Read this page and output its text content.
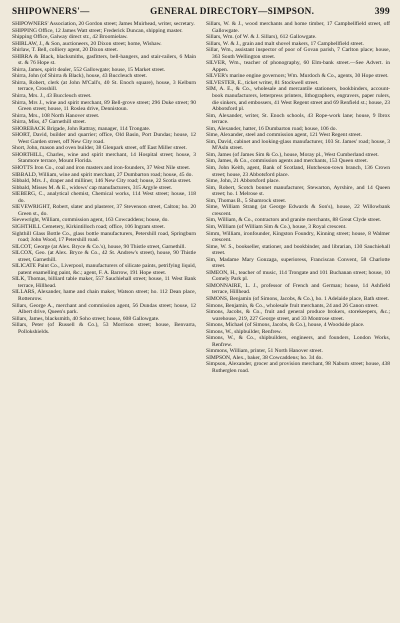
SHIPOWNERS'—	GENERAL DIRECTORY—SIMPSON.	399

SHIPOWNERS' Association, 20 Gordon street; James Muirhead, writer, secretary.

SHIPPING Office, 12 James Watt street; Frederick Duncan, shipping master.

Shipping Office, Galway direct str., 42 Broomielaw.

SHIRLAW, J., & Son, auctioneers, 20 Dixon street; home, Wishaw.

Shirlaw, T. Bell, colliery agent, 20 Dixon street.

SHIRRA & Black, blacksmiths, gasfitters, bell-hangers, and stair-railers, 6 Main st. & 76 Hope st.

Shirra, James, spirit dealer, 552 Gallowgate; house, 15 Market street.

Shirra, John (of Shirra & Black), house, 43 Buccleuch street.

Shirra, Robert, clerk (at John M'Call's, 40 St. Enoch square), house, 3 Kelburn terrace, Crosshill.

Shirra, Mrs. J., 43 Buccleuch street.

Shirra, Mrs J., wine and spirit merchant, 89 Bell-grove street; 296 Duke street; 90 Green street; house, 11 Roslea drive, Dennistoun.

Shirra, Mrs., 108 North Hanover street.

Shirra, Miss, 47 Garnethill street.

SHOREBACK Brigade, John Rattray, manager, 114 Trongate.

SHORT, David, builder and quarrier; office, Old Basin, Port Dundas; house, 12 West Garden street, off New City road.

Short, John, mason and oven builder, 38 Glenpark street, off East Miller street.

SHORTHILL, Charles, wine and spirit merchant, 14 Hospital street; house, 3 Stanmore terrace, Mount Florida.

SHOTTS Iron Co., coal and iron masters and iron-founders, 37 West Nile street.

SIBBALD, William, wine and spirit merchant, 27 Dumbarton road; house, 45 do.

Sibbald, Mrs. J., draper and milliner, 146 New City road; house, 22 Scotia street.

Sibbald, Misses M. & E., widows' cap manufacturers, 315 Argyle street.

SIEBERG, C., analytical chemist, Chemical works, 114 West street; house, 118 do.

SIEVEWRIGHT, Robert, slater and plasterer, 37 Stevenson street, Calton; ho. 20 Green st., do.

Sievewright, William, commission agent, 163 Cowcaddens; house, do.

SIGHTHILL Cemetery, Kirkintilloch road; office, 106 Ingram street.

Sighthill Glass Bottle Co., glass bottle manufacturers, Petershill road, Springburn road; John Wood, 17 Petershill road.

SILCOT, George (at Alex. Bryce & Co.'s), house, 90 Thistle street, Garnethill.

SILCOX, Geo. (at Alex. Bryce & Co., 42 St. Andrew's street), house, 90 Thistle street, Garnethill.

SILICATE Paint Co., Liverpool, manufacturers of silicate paints, petrifying liquid, patent enamelling paint, &c.; agent, F. A. Barrow, 191 Hope street.

SILK, Thomas, billiard table maker, 557 Sauchiehall street; house, 11 West Bank terrace, Hillhead.

SILLARS, Alexander, hame and chain maker, Watson street; ho. 112 Dean place, Rottenrow.

Sillars, George A., merchant and commission agent, 56 Dundas street; house, 12 Albert drive, Queen's park.

Sillars, James, blacksmith, 40 Soho street; house, 608 Gallowgate.

Sillars, Peter (of Russell & Co.), 53 Morrison street; house, Benvarra, Pollokshields.

Sillars, W. & J., wood merchants and home timber, 17 Campbellfield street, off Gallowgate.

Sillars, Wm. (of W. & J. Sillars), 612 Gallowgate.

Sillars, W. & J., grain and malt shovel makers, 17 Campbellfield street.

Sillar, Wm., assistant inspector of poor of Govan parish, 7 Carlton place; house, 363 South Wellington street.

SILVER, Wm., teacher of phonography, 60 Elm-bank street.—See Advert. in Appen.

SILVER's marine engine governors; Wm. Murdoch & Co., agents, 30 Hope street.

SILVESTER, E., ticket writer, 81 Stockwell street.

SIM, A. E., & Co., wholesale and mercantile stationers, bookbinders, account-book manufacturers, letterpress printers, lithographers, engravers, paper rulers, die sinkers, and embossers, 41 West Regent street and 69 Renfield st.; house, 23 Abbotsford pl.

Sim, Alexander, writer, St. Enoch schools, 43 Rope-work lane; house, 9 Ibrox terrace.

Sim, Alexander, hatter, 16 Dumbarton road; house, 106 do.

Sime, Alexander, steel and commission agent, 121 West Regent street.

Sim, David, cabinet and looking-glass manufacturer, 103 St. James' road; house, 3 M'Asln street.

Sim, James (of James Sim & Co.), house, Moray pl., West Cumberland street.

Sim, James, & Co., commission agents and merchants, 153 Queen street.

Sim, John Keith, agent, Bank of Scotland, Hutcheson-town branch, 136 Crown street; house, 23 Abbotsford place.

Sime, John, 21 Abbotsford place.

Sim, Robert, Scotch bonnet manufacturer, Stewarton, Ayrshire, and 14 Queen street; ho. 1 Melrose st.

Sim, Thomas B., 5 Shamrock street.

Sime, William Strang (at George Edwards & Son's), house, 22 Willowbank crescent.

Sim, William, & Co., contractors and granite merchants, 88 Great Clyde street.

Sim, William (of William Sim & Co.), house, 3 Royal crescent.

Simm, William, ironfounder, Kingston Foundry, Kinning street; house, 8 Walmer crescent.

Sime, W. S., bookseller, stationer, and bookbinder, and librarian, 130 Sauchiehall street.

Sim, Madame Mary Gonzaga, superioress, Franciscan Convent, 58 Charlotte street.

SIMEON, H., teacher of music, 114 Trongate and 101 Buchanan street; house, 10 Comely Park pl.

SIMONNAIRE, L. J., professor of French and German; house, 14 Ashfield terrace, Hillhead.

SIMONS, Benjamin (of Simons, Jacobs, & Co.), ho. 1 Adelaide place, Bath street.

Simons, Benjamin, & Co., wholesale fruit merchants, 24 and 26 Canon street.

Simons, Jacobs, & Co., fruit and general produce brokers, storekeepers, &c.; warehouse, 219, 227 George street, and 33 Montrose street.

Simons, Michael (of Simons, Jacobs, & Co.), house, 4 Woodside place.

Simons, W., shipbuilder, Renfrew.

Simons, W., & Co., shipbuilders, engineers, and founders, London Works, Renfrew.

Simmons, William, printer, 51 North Hanover street.

SIMPSON, Alex., baker, 38 Cowcaddens; ho. 34 do.

Simpson, Alexander, grocer and provision merchant, 98 Naburn street; house, 438 Rutherglen road.
